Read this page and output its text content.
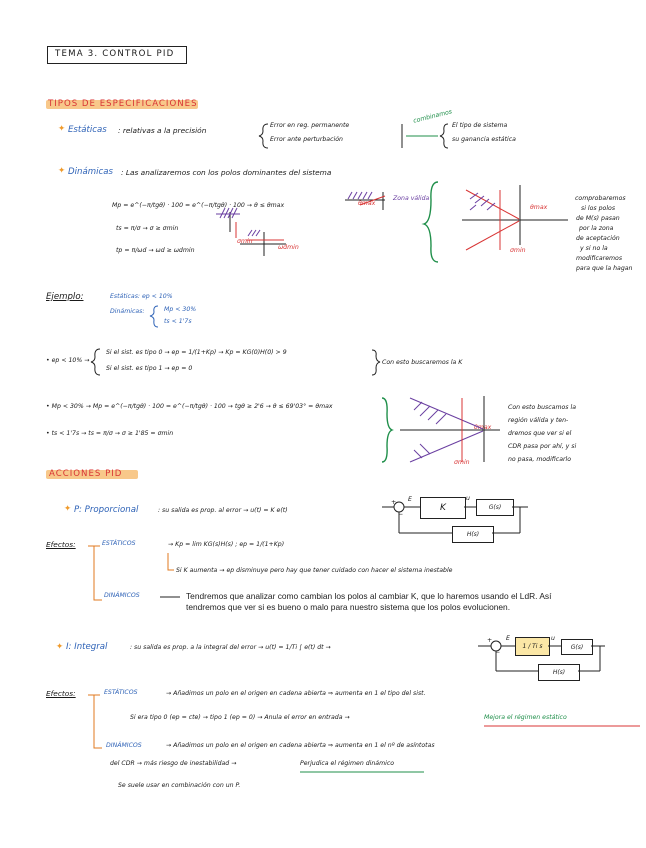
TEMA 3. CONTROL PID
TIPOS DE ESPECIFICACIONES
✦ Estáticas : relativas a la precisión
Error en reg. permanente
Error ante perturbación
combinamos
El tipo de sistema
su ganancia estática
✦ Dinámicas : Las analizaremos con los polos dominantes del sistema
Mp = e^(−π/tgθ) · 100 = e^(−π/tgθ) · 100 → θ ≤ θmax
ts = π/σ → σ ≥ σmin
tp = π/ωd → ωd ≥ ωdmin
θmax
Zona válida
σmin
ωdmin
θmax
σmin
comprobaremos
si los polos
de M(s) pasan
por la zona
de aceptación
y si no la
modificaremos
para que la hagan
Ejemplo:	Estáticas: ep < 10%
Dinámicas:	Mp < 30%
ts < 1'7s
• ep < 10% →
Si el sist. es tipo 0 → ep = 1/(1+Kp) → Kp = KG(0)H(0) > 9
Si el sist. es tipo 1 → ep = 0
Con esto buscaremos la K
• Mp < 30% → Mp = e^(−π/tgθ) · 100 = e^(−π/tgθ) · 100 → tgθ ≥ 2'6 → θ ≤ 69'03° = θmax
• ts < 1'7s → ts = π/σ → σ ≥ 1'85 = σmin
θmax
σmin
Con esto buscamos la
región válida y ten-
dremos que ver si el
CDR pasa por ahí, y si
no pasa, modificarlo
ACCIONES PID
✦ P: Proporcional	: su salida es prop. al error → u(t) = K e(t)
Efectos:	ESTÁTICOS	→ Kp = lim KG(s)H(s) ; ep = 1/(1+Kp)
Si K aumenta → ep disminuye pero hay que tener cuidado con hacer el sistema inestable
DINÁMICOS	Tendremos que analizar como cambian los polos al cambiar K, que lo haremos usando el LdR. Así
tendremos que ver si es bueno o malo para nuestro sistema que los polos evolucionen.
✦ I: Integral	: su salida es prop. a la integral del error → u(t) = 1/Ti ∫ e(t) dt →
Efectos:	ESTÁTICOS	→ Añadimos un polo en el origen en cadena abierta ⇒ aumenta en 1 el tipo del sist.
Si era tipo 0 (ep = cte) → tipo 1 (ep = 0) → Anula el error en entrada →	Mejora el régimen estático
DINÁMICOS	→ Añadimos un polo en el origen en cadena abierta ⇒ aumenta en 1 el nº de asíntotas
del CDR → más riesgo de inestabilidad →	Perjudica el régimen dinámico
Se suele usar en combinación con un P.
K	G(s)
H(s)
E	u
+
−
1 / Ti s	G(s)
H(s)
E	u
+
−
